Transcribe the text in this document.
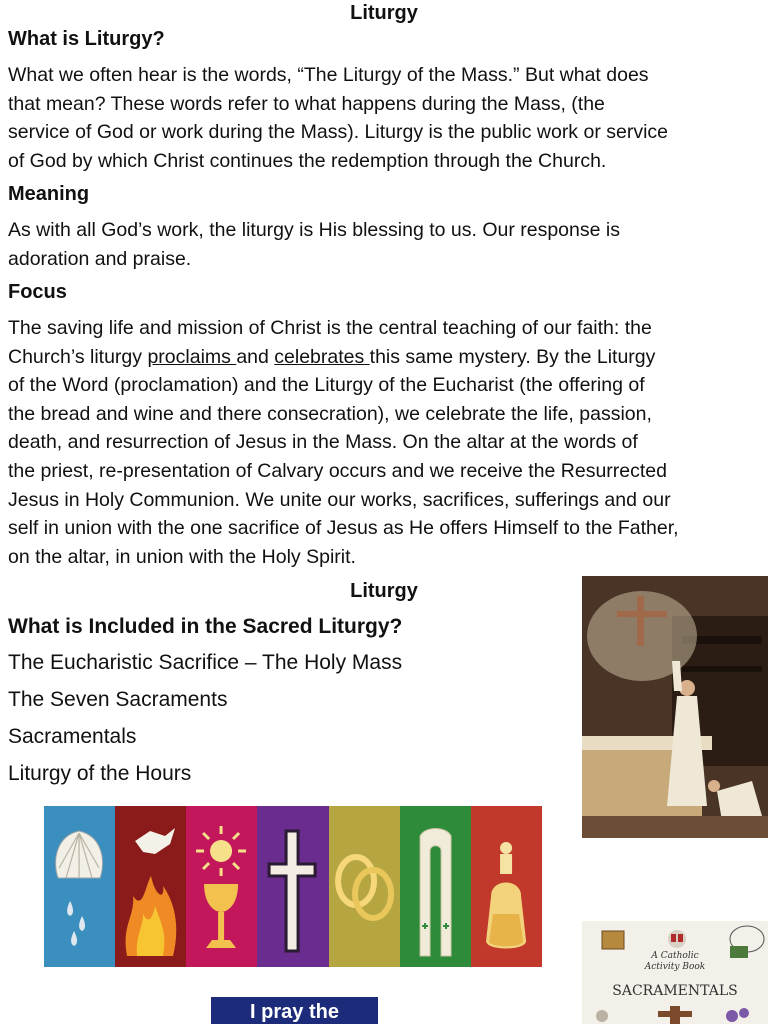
Liturgy
What is Liturgy?

What we often hear is the words, “The Liturgy of the Mass.” But what does

that mean? These words refer to what happens during the Mass, (the

service of God or work during the Mass). Liturgy is the public work or service

of God by which Christ continues the redemption through the Church.

Meaning

As with all God’s work, the liturgy is His blessing to us. Our response is

adoration and praise.

Focus

The saving life and mission of Christ is the central teaching of our faith: the

Church’s liturgy proclaims and celebrates this same mystery. By the Liturgy

of the Word (proclamation) and the Liturgy of the Eucharist (the offering of

the bread and wine and there consecration), we celebrate the life, passion,

death, and resurrection of Jesus in the Mass. On the altar at the words of

the priest, re-presentation of Calvary occurs and we receive the Resurrected

Jesus in Holy Communion. We unite our works, sacrifices, sufferings and our

self in union with the one sacrifice of Jesus as He offers Himself to the Father,

on the altar, in union with the Holy Spirit.

Liturgy
What is Included in the Sacred Liturgy?
The Eucharistic Sacrifice – The Holy Mass
The Seven Sacraments
Sacramentals
Liturgy of the Hours
A Catholic
Activity Book
SACRAMENTALS
I pray the
